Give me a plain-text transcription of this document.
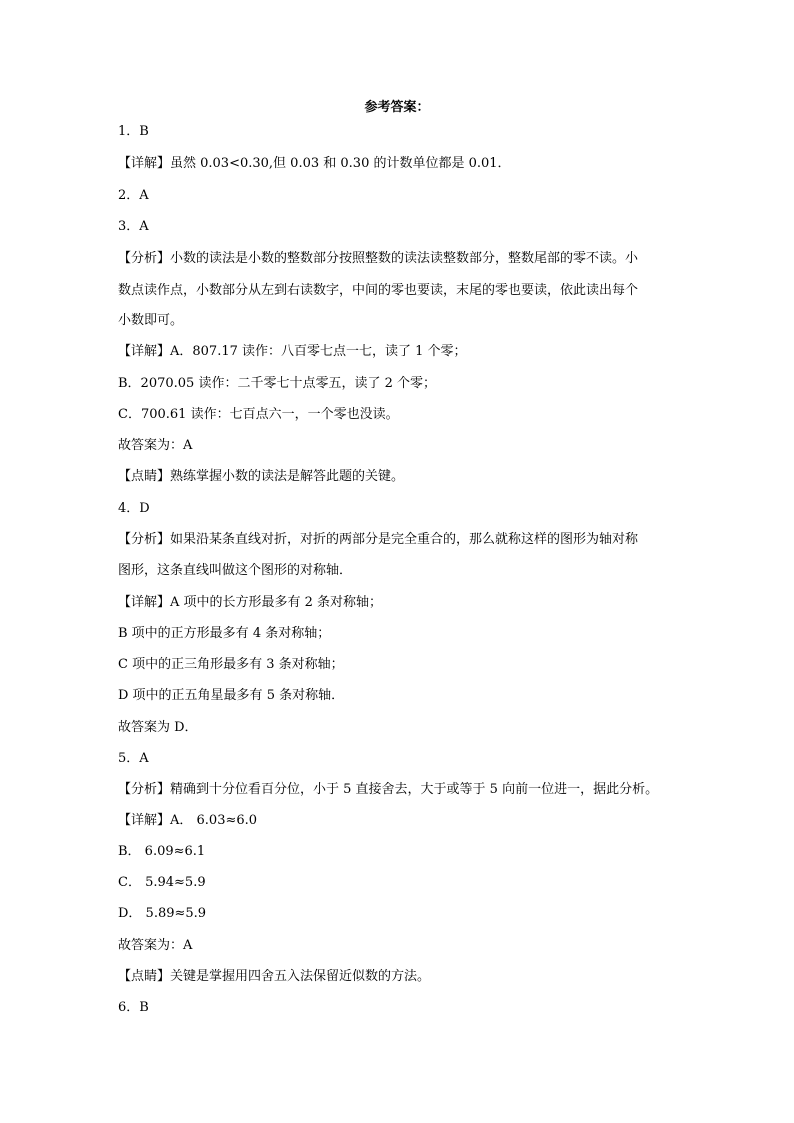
参考答案：
1．B
【详解】虽然 0.03<0.30,但 0.03 和 0.30 的计数单位都是 0.01．
2．A
3．A
【分析】小数的读法是小数的整数部分按照整数的读法读整数部分，整数尾部的零不读。小
数点读作点，小数部分从左到右读数字，中间的零也要读，末尾的零也要读，依此读出每个
小数即可。
【详解】A．807.17 读作：八百零七点一七，读了 1 个零；
B．2070.05 读作：二千零七十点零五，读了 2 个零；
C．700.61 读作：七百点六一，一个零也没读。
故答案为：A
【点睛】熟练掌握小数的读法是解答此题的关键。
4．D
【分析】如果沿某条直线对折，对折的两部分是完全重合的，那么就称这样的图形为轴对称
图形，这条直线叫做这个图形的对称轴．
【详解】A 项中的长方形最多有 2 条对称轴；
B 项中的正方形最多有 4 条对称轴；
C 项中的正三角形最多有 3 条对称轴；
D 项中的正五角星最多有 5 条对称轴．
故答案为 D．
5．A
【分析】精确到十分位看百分位，小于 5 直接舍去，大于或等于 5 向前一位进一，据此分析。
【详解】A． 6.03≈6.0
B． 6.09≈6.1
C． 5.94≈5.9
D． 5.89≈5.9
故答案为：A
【点睛】关键是掌握用四舍五入法保留近似数的方法。
6．B
